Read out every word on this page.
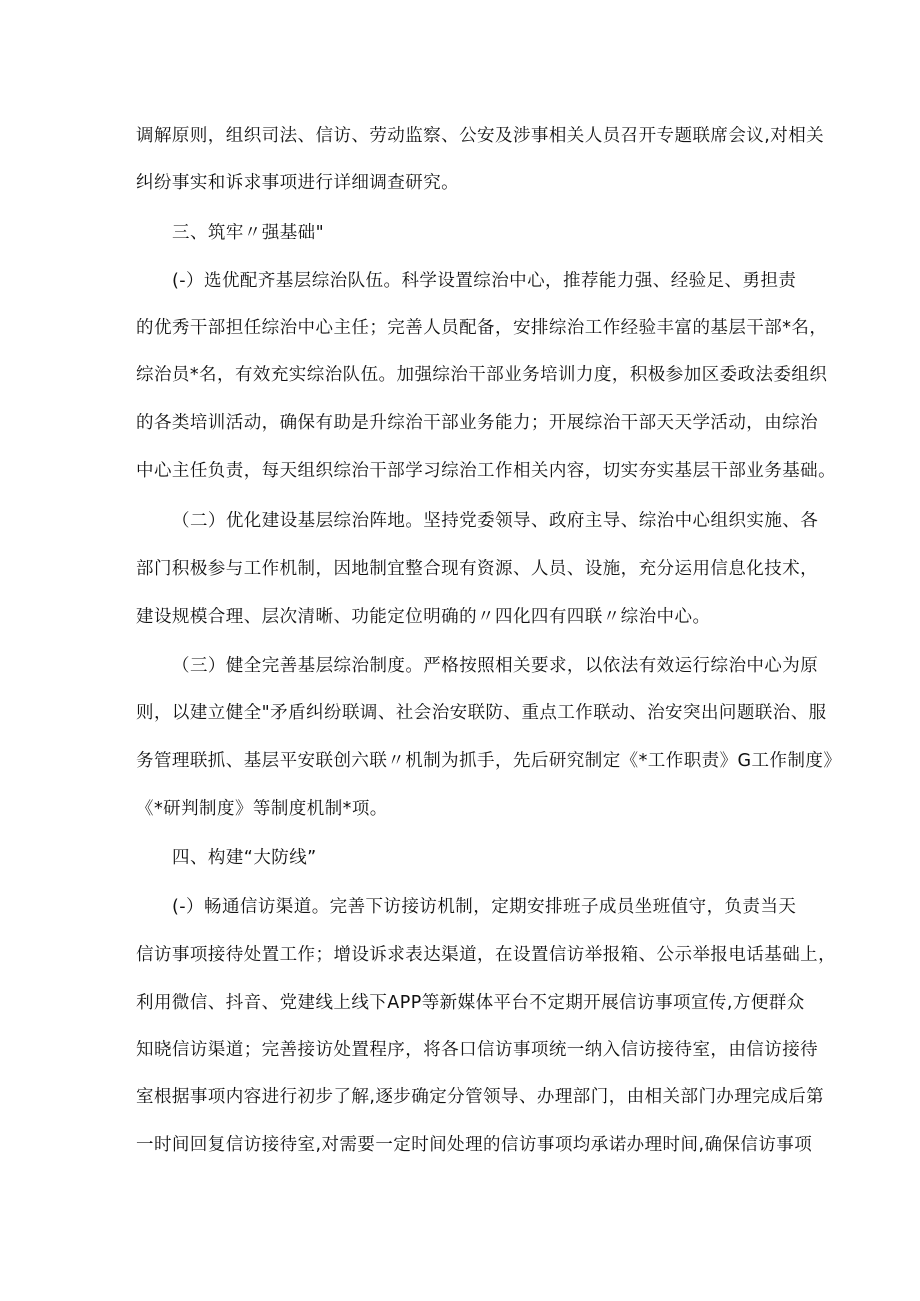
调解原则，组织司法、信访、劳动监察、公安及涉事相关人员召开专题联席会议,对相关
纠纷事实和诉求事项进行详细调查研究。
三、筑牢〃强基础"
(-）选优配齐基层综治队伍。科学设置综治中心，推荐能力强、经验足、勇担责
的优秀干部担任综治中心主任；完善人员配备，安排综治工作经验丰富的基层干部*名，
综治员*名，有效充实综治队伍。加强综治干部业务培训力度，积极参加区委政法委组织
的各类培训活动，确保有助是升综治干部业务能力；开展综治干部天天学活动，由综治
中心主任负责，每天组织综治干部学习综治工作相关内容，切实夯实基层干部业务基础。
（二）优化建设基层综治阵地。坚持党委领导、政府主导、综治中心组织实施、各
部门积极参与工作机制，因地制宜整合现有资源、人员、设施，充分运用信息化技术，
建设规模合理、层次清晰、功能定位明确的〃四化四有四联〃综治中心。
（三）健全完善基层综治制度。严格按照相关要求，以依法有效运行综治中心为原
则，以建立健全"矛盾纠纷联调、社会治安联防、重点工作联动、治安突出问题联治、服
务管理联抓、基层平安联创六联〃机制为抓手，先后研究制定《*工作职责》G工作制度》
《*研判制度》等制度机制*项。
四、构建“大防线”
(-）畅通信访渠道。完善下访接访机制，定期安排班子成员坐班值守，负责当天
信访事项接待处置工作；增设诉求表达渠道，在设置信访举报箱、公示举报电话基础上，
利用微信、抖音、党建线上线下APP等新媒体平台不定期开展信访事项宣传,方便群众
知晓信访渠道；完善接访处置程序，将各口信访事项统一纳入信访接待室，由信访接待
室根据事项内容进行初步了解,逐步确定分管领导、办理部门，由相关部门办理完成后第
一时间回复信访接待室,对需要一定时间处理的信访事项均承诺办理时间,确保信访事项
